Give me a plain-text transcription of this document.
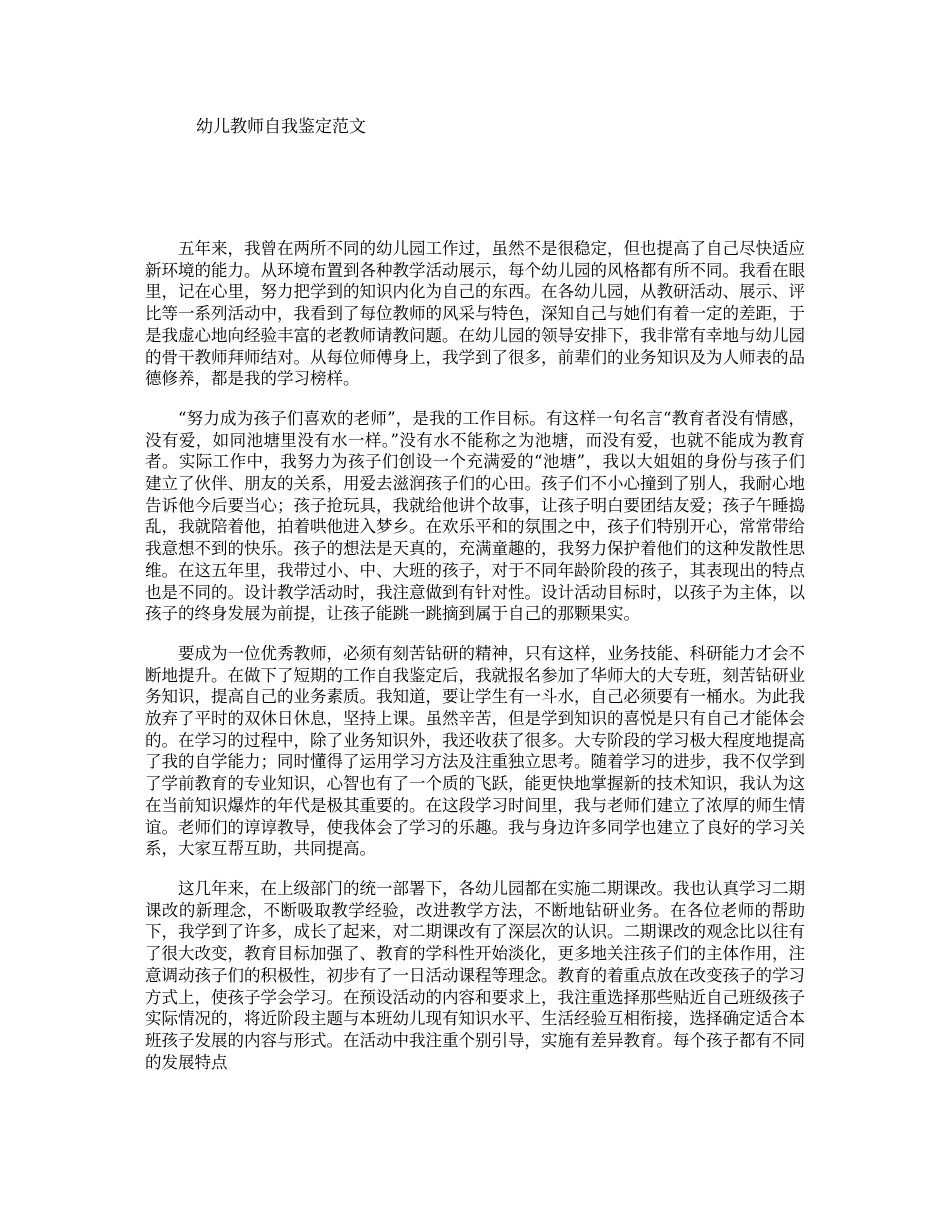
幼儿教师自我鉴定范文

五年来，我曾在两所不同的幼儿园工作过，虽然不是很稳定，但也提高了自己尽快适应新环境的能力。从环境布置到各种教学活动展示，每个幼儿园的风格都有所不同。我看在眼里，记在心里，努力把学到的知识内化为自己的东西。在各幼儿园，从教研活动、展示、评比等一系列活动中，我看到了每位教师的风采与特色，深知自己与她们有着一定的差距，于是我虚心地向经验丰富的老教师请教问题。在幼儿园的领导安排下，我非常有幸地与幼儿园的骨干教师拜师结对。从每位师傅身上，我学到了很多，前辈们的业务知识及为人师表的品德修养，都是我的学习榜样。

“努力成为孩子们喜欢的老师”，是我的工作目标。有这样一句名言“教育者没有情感，没有爱，如同池塘里没有水一样。”没有水不能称之为池塘，而没有爱，也就不能成为教育者。实际工作中，我努力为孩子们创设一个充满爱的“池塘”，我以大姐姐的身份与孩子们建立了伙伴、朋友的关系，用爱去滋润孩子们的心田。孩子们不小心撞到了别人，我耐心地告诉他今后要当心；孩子抢玩具，我就给他讲个故事，让孩子明白要团结友爱；孩子午睡捣乱，我就陪着他，拍着哄他进入梦乡。在欢乐平和的氛围之中，孩子们特别开心，常常带给我意想不到的快乐。孩子的想法是天真的，充满童趣的，我努力保护着他们的这种发散性思维。在这五年里，我带过小、中、大班的孩子，对于不同年龄阶段的孩子，其表现出的特点也是不同的。设计教学活动时，我注意做到有针对性。设计活动目标时，以孩子为主体，以孩子的终身发展为前提，让孩子能跳一跳摘到属于自己的那颗果实。

要成为一位优秀教师，必须有刻苦钻研的精神，只有这样，业务技能、科研能力才会不断地提升。在做下了短期的工作自我鉴定后，我就报名参加了华师大的大专班，刻苦钻研业务知识，提高自己的业务素质。我知道，要让学生有一斗水，自己必须要有一桶水。为此我放弃了平时的双休日休息，坚持上课。虽然辛苦，但是学到知识的喜悦是只有自己才能体会的。在学习的过程中，除了业务知识外，我还收获了很多。大专阶段的学习极大程度地提高了我的自学能力；同时懂得了运用学习方法及注重独立思考。随着学习的进步，我不仅学到了学前教育的专业知识，心智也有了一个质的飞跃，能更快地掌握新的技术知识，我认为这在当前知识爆炸的年代是极其重要的。在这段学习时间里，我与老师们建立了浓厚的师生情谊。老师们的谆谆教导，使我体会了学习的乐趣。我与身边许多同学也建立了良好的学习关系，大家互帮互助，共同提高。

这几年来，在上级部门的统一部署下，各幼儿园都在实施二期课改。我也认真学习二期课改的新理念，不断吸取教学经验，改进教学方法，不断地钻研业务。在各位老师的帮助下，我学到了许多，成长了起来，对二期课改有了深层次的认识。二期课改的观念比以往有了很大改变，教育目标加强了、教育的学科性开始淡化，更多地关注孩子们的主体作用，注意调动孩子们的积极性，初步有了一日活动课程等理念。教育的着重点放在改变孩子的学习方式上，使孩子学会学习。在预设活动的内容和要求上，我注重选择那些贴近自己班级孩子实际情况的，将近阶段主题与本班幼儿现有知识水平、生活经验互相衔接，选择确定适合本班孩子发展的内容与形式。在活动中我注重个别引导，实施有差异教育。每个孩子都有不同的发展特点
